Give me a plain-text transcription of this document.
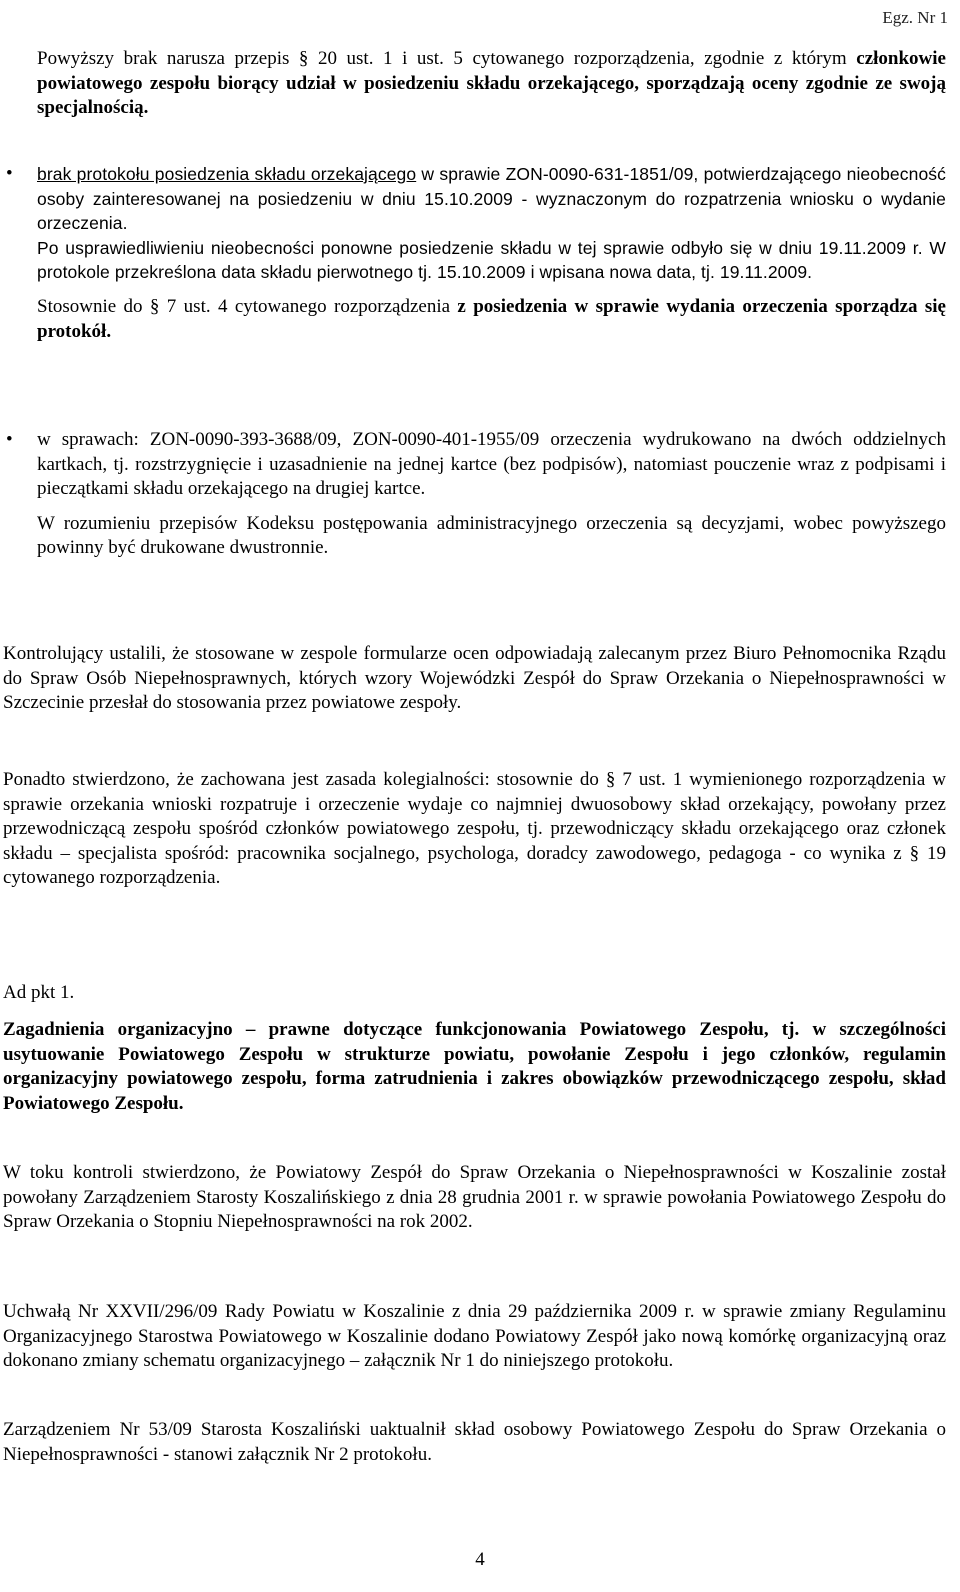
Egz. Nr 1

Powyższy brak narusza przepis § 20 ust. 1 i ust. 5 cytowanego rozporządzenia, zgodnie z którym członkowie powiatowego zespołu biorący udział w posiedzeniu składu orzekającego, sporządzają oceny zgodnie ze swoją specjalnością.

• brak protokołu posiedzenia składu orzekającego w sprawie ZON-0090-631-1851/09, potwierdzającego nieobecność osoby zainteresowanej na posiedzeniu w dniu 15.10.2009 - wyznaczonym do rozpatrzenia wniosku o wydanie orzeczenia.

Po usprawiedliwieniu nieobecności ponowne posiedzenie składu w tej sprawie odbyło się w dniu 19.11.2009 r. W protokole przekreślona data składu pierwotnego tj. 15.10.2009 i wpisana nowa data, tj. 19.11.2009.

Stosownie do § 7 ust. 4 cytowanego rozporządzenia z posiedzenia w sprawie wydania orzeczenia sporządza się protokół.

• w sprawach: ZON-0090-393-3688/09, ZON-0090-401-1955/09 orzeczenia wydrukowano na dwóch oddzielnych kartkach, tj. rozstrzygnięcie i uzasadnienie na jednej kartce (bez podpisów), natomiast pouczenie wraz z podpisami i pieczątkami składu orzekającego na drugiej kartce.

W rozumieniu przepisów Kodeksu postępowania administracyjnego orzeczenia są decyzjami, wobec powyższego powinny być drukowane dwustronnie.

Kontrolujący ustalili, że stosowane w zespole formularze ocen odpowiadają zalecanym przez Biuro Pełnomocnika Rządu do Spraw Osób Niepełnosprawnych, których wzory Wojewódzki Zespół do Spraw Orzekania o Niepełnosprawności w Szczecinie przesłał do stosowania przez powiatowe zespoły.

Ponadto stwierdzono, że zachowana jest zasada kolegialności: stosownie do § 7 ust. 1 wymienionego rozporządzenia w sprawie orzekania wnioski rozpatruje i orzeczenie wydaje co najmniej dwuosobowy skład orzekający, powołany przez przewodniczącą zespołu spośród członków powiatowego zespołu, tj. przewodniczący składu orzekającego oraz członek składu – specjalista spośród: pracownika socjalnego, psychologa, doradcy zawodowego, pedagoga - co wynika z § 19 cytowanego rozporządzenia.

Ad pkt 1.

Zagadnienia organizacyjno – prawne dotyczące funkcjonowania Powiatowego Zespołu, tj. w szczególności usytuowanie Powiatowego Zespołu w strukturze powiatu, powołanie Zespołu i jego członków, regulamin organizacyjny powiatowego zespołu, forma zatrudnienia i zakres obowiązków przewodniczącego zespołu, skład Powiatowego Zespołu.

W toku kontroli stwierdzono, że Powiatowy Zespół do Spraw Orzekania o Niepełnosprawności w Koszalinie został powołany Zarządzeniem Starosty Koszalińskiego z dnia 28 grudnia 2001 r. w sprawie powołania Powiatowego Zespołu do Spraw Orzekania o Stopniu Niepełnosprawności na rok 2002.

Uchwałą Nr XXVII/296/09 Rady Powiatu w Koszalinie z dnia 29 października 2009 r. w sprawie zmiany Regulaminu Organizacyjnego Starostwa Powiatowego w Koszalinie dodano Powiatowy Zespół jako nową komórkę organizacyjną oraz dokonano zmiany schematu organizacyjnego – załącznik Nr 1 do niniejszego protokołu.

Zarządzeniem Nr 53/09 Starosta Koszaliński uaktualnił skład osobowy Powiatowego Zespołu do Spraw Orzekania o Niepełnosprawności - stanowi załącznik Nr 2 protokołu.

4
